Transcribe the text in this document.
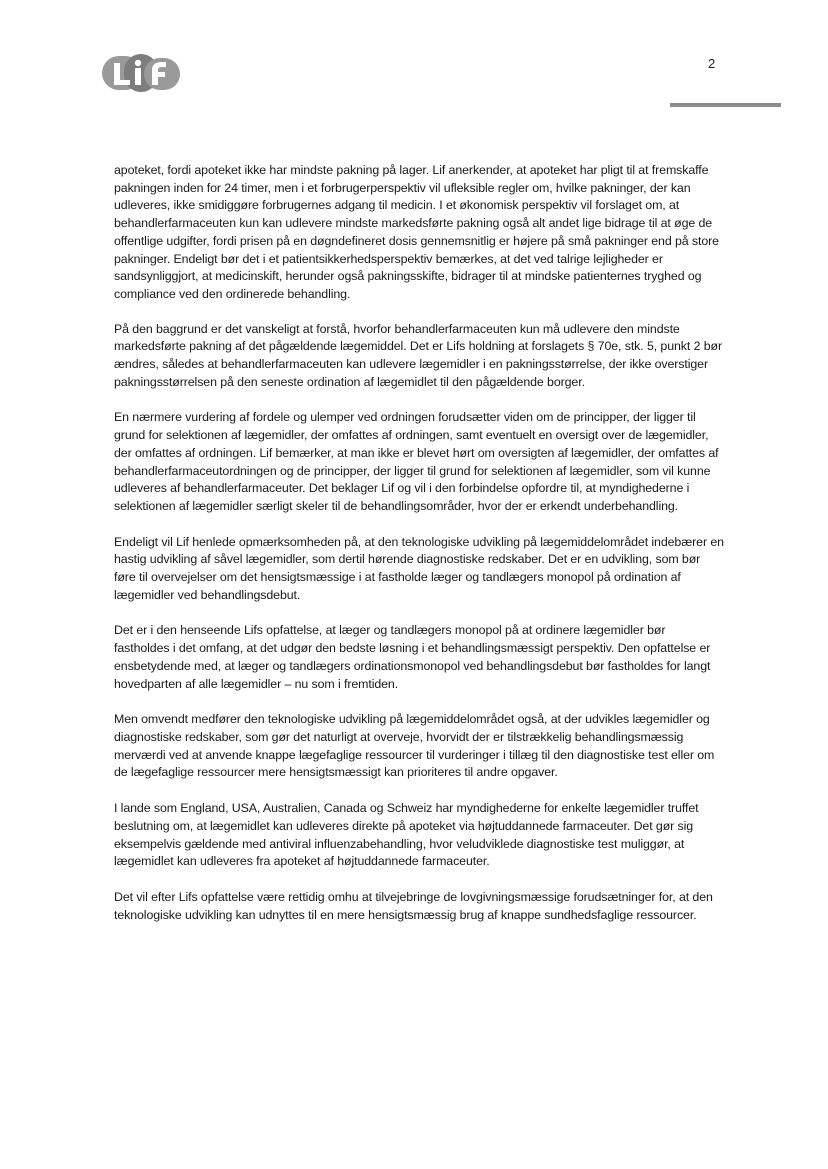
2

apoteket, fordi apoteket ikke har mindste pakning på lager. Lif anerkender, at apoteket har pligt til at fremskaffe pakningen inden for 24 timer, men i et forbrugerperspektiv vil ufleksible regler om, hvilke pakninger, der kan udleveres, ikke smidiggøre forbrugernes adgang til medicin. I et økonomisk perspektiv vil forslaget om, at behandlerfarmaceuten kun kan udlevere mindste markedsførte pakning også alt andet lige bidrage til at øge de offentlige udgifter, fordi prisen på en døgndefineret dosis gennemsnitlig er højere på små pakninger end på store pakninger. Endeligt bør det i et patientsikkerhedsperspektiv bemærkes, at det ved talrige lejligheder er sandsynliggjort, at medicinskift, herunder også pakningsskifte, bidrager til at mindske patienternes tryghed og compliance ved den ordinerede behandling.

På den baggrund er det vanskeligt at forstå, hvorfor behandlerfarmaceuten kun må udlevere den mindste markedsførte pakning af det pågældende lægemiddel. Det er Lifs holdning at forslagets § 70e, stk. 5, punkt 2 bør ændres, således at behandlerfarmaceuten kan udlevere lægemidler i en pakningsstørrelse, der ikke overstiger pakningsstørrelsen på den seneste ordination af lægemidlet til den pågældende borger.

En nærmere vurdering af fordele og ulemper ved ordningen forudsætter viden om de principper, der ligger til grund for selektionen af lægemidler, der omfattes af ordningen, samt eventuelt en oversigt over de lægemidler, der omfattes af ordningen. Lif bemærker, at man ikke er blevet hørt om oversigten af lægemidler, der omfattes af behandlerfarmaceutordningen og de principper, der ligger til grund for selektionen af lægemidler, som vil kunne udleveres af behandlerfarmaceuter. Det beklager Lif og vil i den forbindelse opfordre til, at myndighederne i selektionen af lægemidler særligt skeler til de behandlingsområder, hvor der er erkendt underbehandling.

Endeligt vil Lif henlede opmærksomheden på, at den teknologiske udvikling på lægemiddelområdet indebærer en hastig udvikling af såvel lægemidler, som dertil hørende diagnostiske redskaber. Det er en udvikling, som bør føre til overvejelser om det hensigtsmæssige i at fastholde læger og tandlægers monopol på ordination af lægemidler ved behandlingsdebut.

Det er i den henseende Lifs opfattelse, at læger og tandlægers monopol på at ordinere lægemidler bør fastholdes i det omfang, at det udgør den bedste løsning i et behandlingsmæssigt perspektiv. Den opfattelse er ensbetydende med, at læger og tandlægers ordinationsmonopol ved behandlingsdebut bør fastholdes for langt hovedparten af alle lægemidler – nu som i fremtiden.

Men omvendt medfører den teknologiske udvikling på lægemiddelområdet også, at der udvikles lægemidler og diagnostiske redskaber, som gør det naturligt at overveje, hvorvidt der er tilstrækkelig behandlingsmæssig merværdi ved at anvende knappe lægefaglige ressourcer til vurderinger i tillæg til den diagnostiske test eller om de lægefaglige ressourcer mere hensigtsmæssigt kan prioriteres til andre opgaver.

I lande som England, USA, Australien, Canada og Schweiz har myndighederne for enkelte lægemidler truffet beslutning om, at lægemidlet kan udleveres direkte på apoteket via højtuddannede farmaceuter. Det gør sig eksempelvis gældende med antiviral influenzabehandling, hvor veludviklede diagnostiske test muliggør, at lægemidlet kan udleveres fra apoteket af højtuddannede farmaceuter.

Det vil efter Lifs opfattelse være rettidig omhu at tilvejebringe de lovgivningsmæssige forudsætninger for, at den teknologiske udvikling kan udnyttes til en mere hensigtsmæssig brug af knappe sundhedsfaglige ressourcer.
